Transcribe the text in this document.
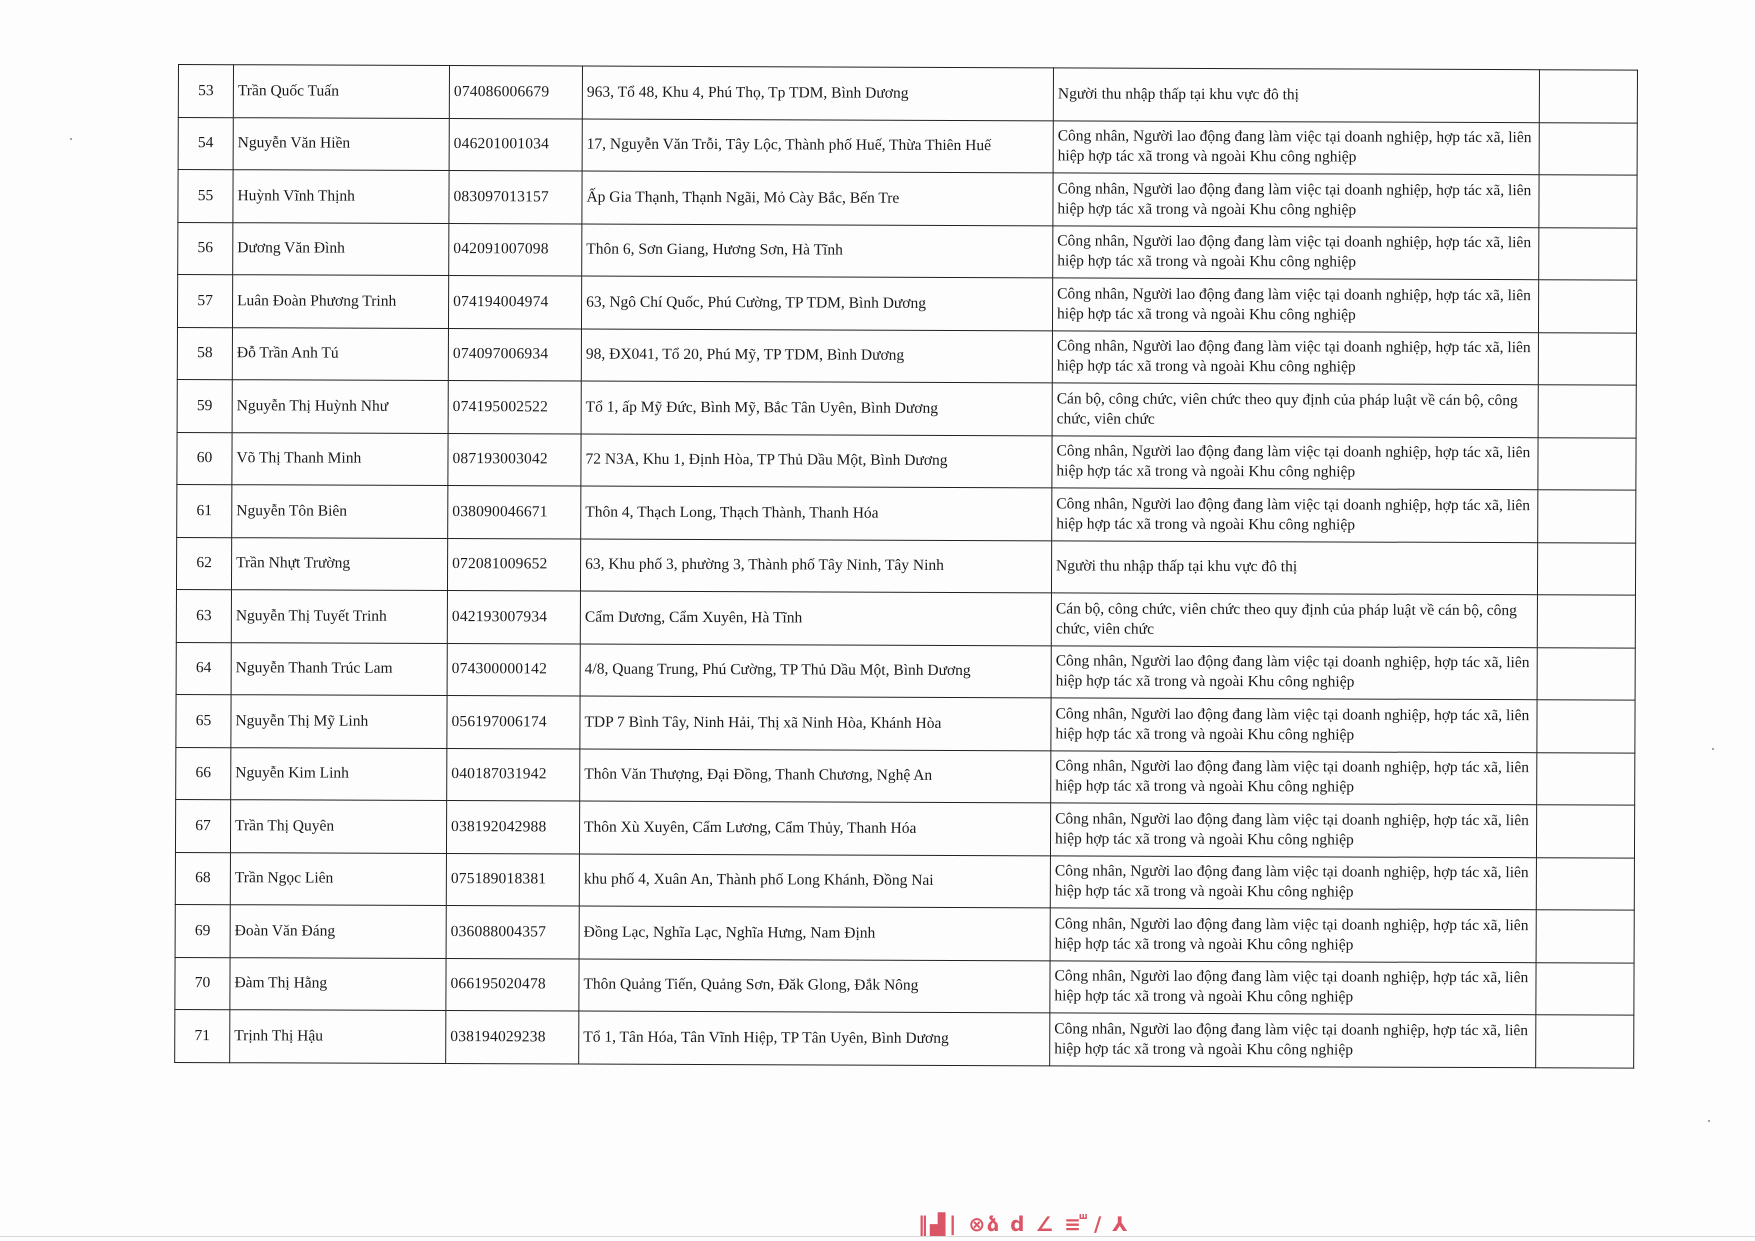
53	Trần Quốc Tuấn	074086006679	963, Tổ 48, Khu 4, Phú Thọ, Tp TDM, Bình Dương	Người thu nhập thấp tại khu vực đô thị	
54	Nguyễn Văn Hiền	046201001034	17, Nguyễn Văn Trỗi, Tây Lộc, Thành phố Huế, Thừa Thiên Huế	Công nhân, Người lao động đang làm việc tại doanh nghiệp, hợp tác xã, liên hiệp hợp tác xã trong và ngoài Khu công nghiệp	
55	Huỳnh Vĩnh Thịnh	083097013157	Ấp Gia Thạnh, Thạnh Ngãi, Mỏ Cày Bắc, Bến Tre	Công nhân, Người lao động đang làm việc tại doanh nghiệp, hợp tác xã, liên hiệp hợp tác xã trong và ngoài Khu công nghiệp	
56	Dương Văn Đình	042091007098	Thôn 6, Sơn Giang, Hương Sơn, Hà Tĩnh	Công nhân, Người lao động đang làm việc tại doanh nghiệp, hợp tác xã, liên hiệp hợp tác xã trong và ngoài Khu công nghiệp	
57	Luân Đoàn Phương Trinh	074194004974	63, Ngô Chí Quốc, Phú Cường, TP TDM, Bình Dương	Công nhân, Người lao động đang làm việc tại doanh nghiệp, hợp tác xã, liên hiệp hợp tác xã trong và ngoài Khu công nghiệp	
58	Đỗ Trần Anh Tú	074097006934	98, ĐX041, Tổ 20, Phú Mỹ, TP TDM, Bình Dương	Công nhân, Người lao động đang làm việc tại doanh nghiệp, hợp tác xã, liên hiệp hợp tác xã trong và ngoài Khu công nghiệp	
59	Nguyễn Thị Huỳnh Như	074195002522	Tổ 1, ấp Mỹ Đức, Bình Mỹ, Bắc Tân Uyên, Bình Dương	Cán bộ, công chức, viên chức theo quy định của pháp luật về cán bộ, công chức, viên chức	
60	Võ Thị Thanh Minh	087193003042	72 N3A, Khu 1, Định Hòa, TP Thủ Dầu Một, Bình Dương	Công nhân, Người lao động đang làm việc tại doanh nghiệp, hợp tác xã, liên hiệp hợp tác xã trong và ngoài Khu công nghiệp	
61	Nguyễn Tôn Biên	038090046671	Thôn 4, Thạch Long, Thạch Thành, Thanh Hóa	Công nhân, Người lao động đang làm việc tại doanh nghiệp, hợp tác xã, liên hiệp hợp tác xã trong và ngoài Khu công nghiệp	
62	Trần Nhựt Trường	072081009652	63, Khu phố 3, phường 3, Thành phố Tây Ninh, Tây Ninh	Người thu nhập thấp tại khu vực đô thị	
63	Nguyễn Thị Tuyết Trinh	042193007934	Cẩm Dương, Cẩm Xuyên, Hà Tĩnh	Cán bộ, công chức, viên chức theo quy định của pháp luật về cán bộ, công chức, viên chức	
64	Nguyễn Thanh Trúc Lam	074300000142	4/8, Quang Trung, Phú Cường, TP Thủ Dầu Một, Bình Dương	Công nhân, Người lao động đang làm việc tại doanh nghiệp, hợp tác xã, liên hiệp hợp tác xã trong và ngoài Khu công nghiệp	
65	Nguyễn Thị Mỹ Linh	056197006174	TDP 7 Bình Tây, Ninh Hải, Thị xã Ninh Hòa, Khánh Hòa	Công nhân, Người lao động đang làm việc tại doanh nghiệp, hợp tác xã, liên hiệp hợp tác xã trong và ngoài Khu công nghiệp	
66	Nguyễn Kim Linh	040187031942	Thôn Văn Thượng, Đại Đồng, Thanh Chương, Nghệ An	Công nhân, Người lao động đang làm việc tại doanh nghiệp, hợp tác xã, liên hiệp hợp tác xã trong và ngoài Khu công nghiệp	
67	Trần Thị Quyên	038192042988	Thôn Xù Xuyên, Cẩm Lương, Cẩm Thủy, Thanh Hóa	Công nhân, Người lao động đang làm việc tại doanh nghiệp, hợp tác xã, liên hiệp hợp tác xã trong và ngoài Khu công nghiệp	
68	Trần Ngọc Liên	075189018381	khu phố 4, Xuân An, Thành phố Long Khánh, Đồng Nai	Công nhân, Người lao động đang làm việc tại doanh nghiệp, hợp tác xã, liên hiệp hợp tác xã trong và ngoài Khu công nghiệp	
69	Đoàn Văn Đáng	036088004357	Đồng Lạc, Nghĩa Lạc, Nghĩa Hưng, Nam Định	Công nhân, Người lao động đang làm việc tại doanh nghiệp, hợp tác xã, liên hiệp hợp tác xã trong và ngoài Khu công nghiệp	
70	Đàm Thị Hằng	066195020478	Thôn Quảng Tiến, Quảng Sơn, Đăk Glong, Đắk Nông	Công nhân, Người lao động đang làm việc tại doanh nghiệp, hợp tác xã, liên hiệp hợp tác xã trong và ngoài Khu công nghiệp	
71	Trịnh Thị Hậu	038194029238	Tổ 1, Tân Hóa, Tân Vĩnh Hiệp, TP Tân Uyên, Bình Dương	Công nhân, Người lao động đang làm việc tại doanh nghiệp, hợp tác xã, liên hiệp hợp tác xã trong và ngoài Khu công nghiệp	
‖▟∣ ⊗ձ ⅾ ∠ ≡ⷲ ∕ ⅄
